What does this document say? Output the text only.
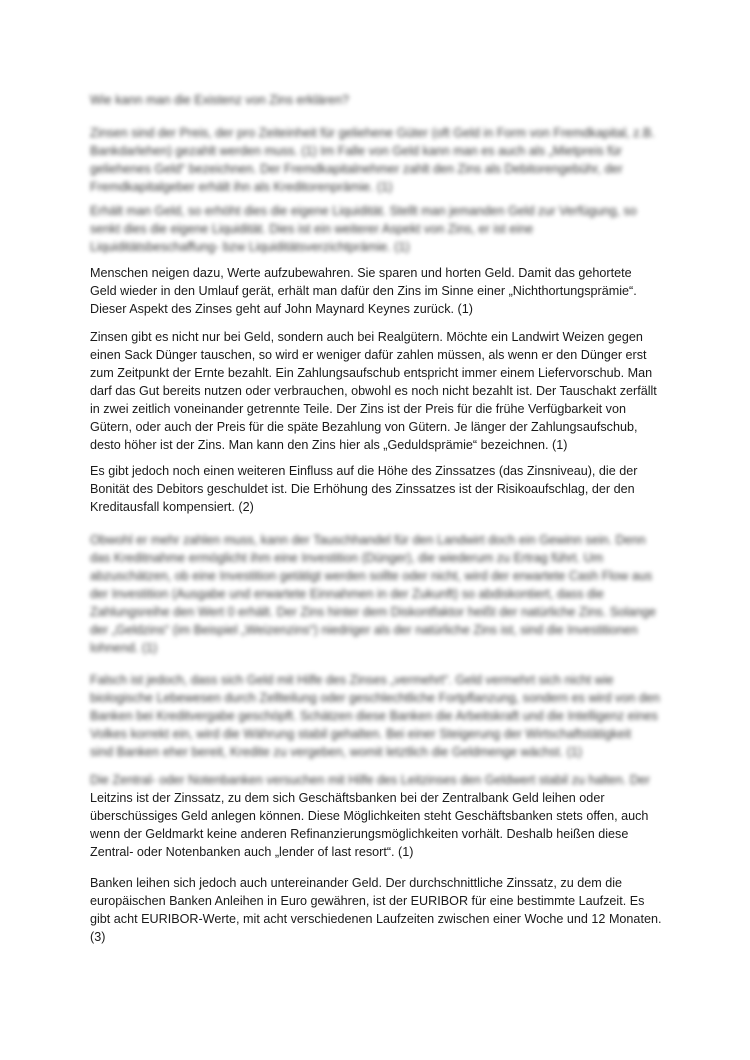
Wie kann man die Existenz von Zins erklären?

Zinsen sind der Preis, der pro Zeiteinheit für geliehene Güter (oft Geld in Form von Fremdkapital, z.B.
Bankdarlehen) gezahlt werden muss. (1) Im Falle von Geld kann man es auch als „Mietpreis für
geliehenes Geld“ bezeichnen. Der Fremdkapitalnehmer zahlt den Zins als Debitorengebühr, der
Fremdkapitalgeber erhält ihn als Kreditorenprämie. (1)

Erhält man Geld, so erhöht dies die eigene Liquidität. Stellt man jemanden Geld zur Verfügung, so
senkt dies die eigene Liquidität. Dies ist ein weiterer Aspekt von Zins, er ist eine
Liquiditätsbeschaffung- bzw Liquiditätsverzichtprämie. (1)

Menschen neigen dazu, Werte aufzubewahren. Sie sparen und horten Geld. Damit das gehortete
Geld wieder in den Umlauf gerät, erhält man dafür den Zins im Sinne einer „Nichthortungsprämie“.
Dieser Aspekt des Zinses geht auf John Maynard Keynes zurück. (1)

Zinsen gibt es nicht nur bei Geld, sondern auch bei Realgütern. Möchte ein Landwirt Weizen gegen
einen Sack Dünger tauschen, so wird er weniger dafür zahlen müssen, als wenn er den Dünger erst
zum Zeitpunkt der Ernte bezahlt. Ein Zahlungsaufschub entspricht immer einem Liefervorschub. Man
darf das Gut bereits nutzen oder verbrauchen, obwohl es noch nicht bezahlt ist. Der Tauschakt zerfällt
in zwei zeitlich voneinander getrennte Teile. Der Zins ist der Preis für die frühe Verfügbarkeit von
Gütern, oder auch der Preis für die späte Bezahlung von Gütern. Je länger der Zahlungsaufschub,
desto höher ist der Zins. Man kann den Zins hier als „Geduldsprämie“ bezeichnen. (1)

Es gibt jedoch noch einen weiteren Einfluss auf die Höhe des Zinssatzes (das Zinsniveau), die der
Bonität des Debitors geschuldet ist. Die Erhöhung des Zinssatzes ist der Risikoaufschlag, der den
Kreditausfall kompensiert. (2)

Obwohl er mehr zahlen muss, kann der Tauschhandel für den Landwirt doch ein Gewinn sein. Denn
das Kreditnahme ermöglicht ihm eine Investition (Dünger), die wiederum zu Ertrag führt. Um
abzuschätzen, ob eine Investition getätigt werden sollte oder nicht, wird der erwartete Cash Flow aus
der Investition (Ausgabe und erwartete Einnahmen in der Zukunft) so abdiskontiert, dass die
Zahlungsreihe den Wert 0 erhält. Der Zins hinter dem Diskontfaktor heißt der natürliche Zins. Solange
der „Geldzins“ (im Beispiel „Weizenzins“) niedriger als der natürliche Zins ist, sind die Investitionen
lohnend. (1)

Falsch ist jedoch, dass sich Geld mit Hilfe des Zinses „vermehrt“. Geld vermehrt sich nicht wie
biologische Lebewesen durch Zellteilung oder geschlechtliche Fortpflanzung, sondern es wird von den
Banken bei Kreditvergabe geschöpft. Schätzen diese Banken die Arbeitskraft und die Intelligenz eines
Volkes korrekt ein, wird die Währung stabil gehalten. Bei einer Steigerung der Wirtschaftstätigkeit
sind Banken eher bereit, Kredite zu vergeben, womit letztlich die Geldmenge wächst. (1)

Die Zentral- oder Notenbanken versuchen mit Hilfe des Leitzinses den Geldwert stabil zu halten. Der

Leitzins ist der Zinssatz, zu dem sich Geschäftsbanken bei der Zentralbank Geld leihen oder
überschüssiges Geld anlegen können. Diese Möglichkeiten steht Geschäftsbanken stets offen, auch
wenn der Geldmarkt keine anderen Refinanzierungsmöglichkeiten vorhält. Deshalb heißen diese
Zentral- oder Notenbanken auch „lender of last resort“. (1)

Banken leihen sich jedoch auch untereinander Geld. Der durchschnittliche Zinssatz, zu dem die
europäischen Banken Anleihen in Euro gewähren, ist der EURIBOR für eine bestimmte Laufzeit. Es
gibt acht EURIBOR-Werte, mit acht verschiedenen Laufzeiten zwischen einer Woche und 12 Monaten.
(3)
